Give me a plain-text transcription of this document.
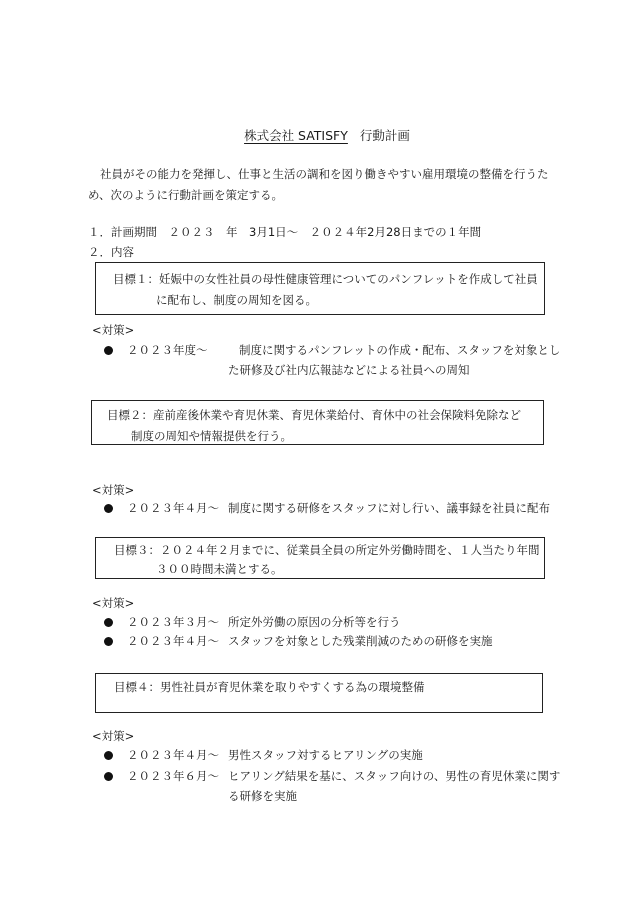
株式会社 SATISFY 行動計画
社員がその能力を発揮し、仕事と生活の調和を図り働きやすい雇用環境の整備を行うた
め、次のように行動計画を策定する。
１．計画期間　２０２３　年　3月1日～　２０２４年2月28日までの１年間
２．内容
目標１：妊娠中の女性社員の母性健康管理についてのパンフレットを作成して社員
に配布し、制度の周知を図る。
<対策>
２０２３年度～	制度に関するパンフレットの作成・配布、スタッフを対象とし
た研修及び社内広報誌などによる社員への周知
目標２：産前産後休業や育児休業、育児休業給付、育休中の社会保険料免除など
制度の周知や情報提供を行う。
<対策>
２０２３年４月～ 制度に関する研修をスタッフに対し行い、議事録を社員に配布
目標３：２０２４年２月までに、従業員全員の所定外労働時間を、１人当たり年間
３００時間未満とする。
<対策>
２０２３年３月～ 所定外労働の原因の分析等を行う
２０２３年４月～ スタッフを対象とした残業削減のための研修を実施
目標４：男性社員が育児休業を取りやすくする為の環境整備
<対策>
２０２３年４月～ 男性スタッフ対するヒアリングの実施
２０２３年６月～ ヒアリング結果を基に、スタッフ向けの、男性の育児休業に関す
る研修を実施
